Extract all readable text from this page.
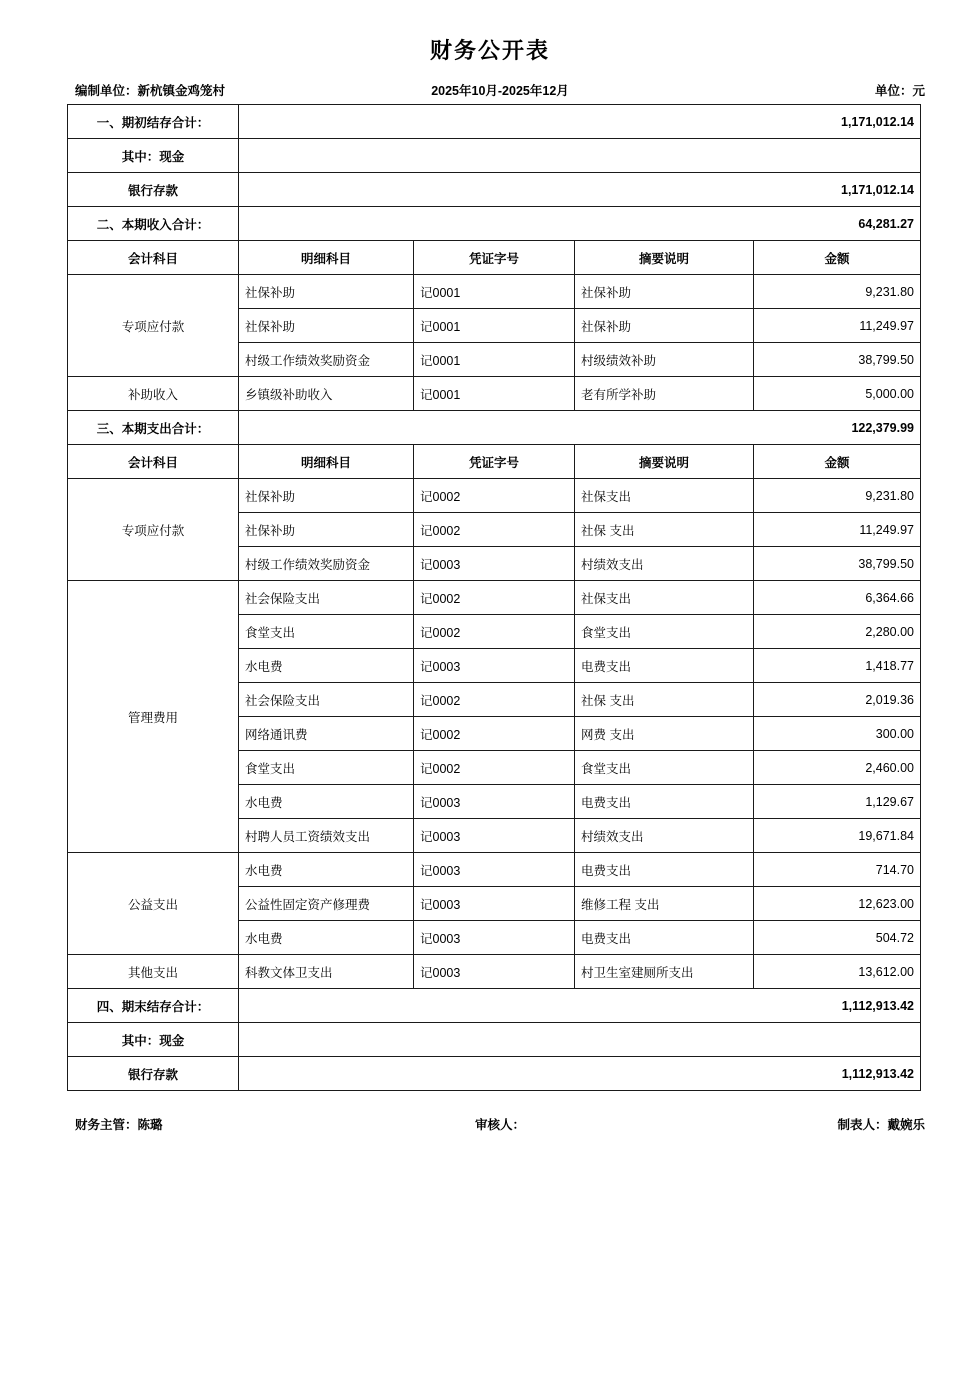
财务公开表
编制单位：新杭镇金鸡笼村	2025年10月-2025年12月	单位：元
一、期初结存合计：	1,171,012.14			
其中：现金				
银行存款	1,171,012.14			
二、本期收入合计：	64,281.27			
会计科目	明细科目	凭证字号	摘要说明	金额
专项应付款	社保补助	记0001	社保补助	9,231.80
	社保补助	记0001	社保补助	11,249.97
	村级工作绩效奖励资金	记0001	村级绩效补助	38,799.50
补助收入	乡镇级补助收入	记0001	老有所学补助	5,000.00
三、本期支出合计：	122,379.99			
会计科目	明细科目	凭证字号	摘要说明	金额
专项应付款	社保补助	记0002	社保支出	9,231.80
	社保补助	记0002	社保 支出	11,249.97
	村级工作绩效奖励资金	记0003	村绩效支出	38,799.50
管理费用	社会保险支出	记0002	社保支出	6,364.66
	食堂支出	记0002	食堂支出	2,280.00
	水电费	记0003	电费支出	1,418.77
	社会保险支出	记0002	社保 支出	2,019.36
	网络通讯费	记0002	网费 支出	300.00
	食堂支出	记0002	食堂支出	2,460.00
	水电费	记0003	电费支出	1,129.67
	村聘人员工资绩效支出	记0003	村绩效支出	19,671.84
公益支出	水电费	记0003	电费支出	714.70
	公益性固定资产修理费	记0003	维修工程 支出	12,623.00
	水电费	记0003	电费支出	504.72
其他支出	科教文体卫支出	记0003	村卫生室建厕所支出	13,612.00
四、期末结存合计：	1,112,913.42			
其中：现金				
银行存款	1,112,913.42			
财务主管：陈璐	审核人：	制表人：戴婉乐
